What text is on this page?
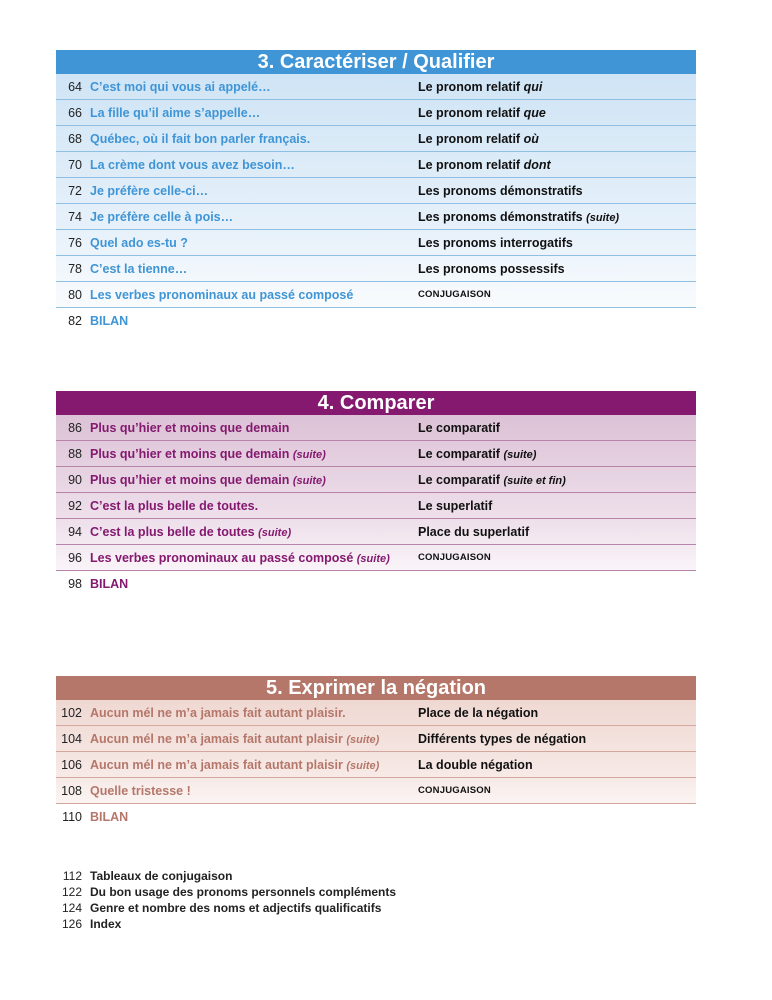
3. Caractériser / Qualifier
64 C’est moi qui vous ai appelé…	Le pronom relatif qui
66 La fille qu’il aime s’appelle…	Le pronom relatif que
68 Québec, où il fait bon parler français.	Le pronom relatif où
70 La crème dont vous avez besoin…	Le pronom relatif dont
72 Je préfère celle-ci…	Les pronoms démonstratifs
74 Je préfère celle à pois…	Les pronoms démonstratifs (suite)
76 Quel ado es-tu ?	Les pronoms interrogatifs
78 C’est la tienne…	Les pronoms possessifs
80 Les verbes pronominaux au passé composé	CONJUGAISON
82 BILAN
4. Comparer
86 Plus qu’hier et moins que demain	Le comparatif
88 Plus qu’hier et moins que demain (suite)	Le comparatif (suite)
90 Plus qu’hier et moins que demain (suite)	Le comparatif (suite et fin)
92 C’est la plus belle de toutes.	Le superlatif
94 C’est la plus belle de toutes (suite)	Place du superlatif
96 Les verbes pronominaux au passé composé (suite)	CONJUGAISON
98 BILAN
5. Exprimer la négation
102 Aucun mél ne m’a jamais fait autant plaisir.	Place de la négation
104 Aucun mél ne m’a jamais fait autant plaisir (suite)	Différents types de négation
106 Aucun mél ne m’a jamais fait autant plaisir (suite)	La double négation
108 Quelle tristesse !	CONJUGAISON
110 BILAN
112 Tableaux de conjugaison
122 Du bon usage des pronoms personnels compléments
124 Genre et nombre des noms et adjectifs qualificatifs
126 Index
